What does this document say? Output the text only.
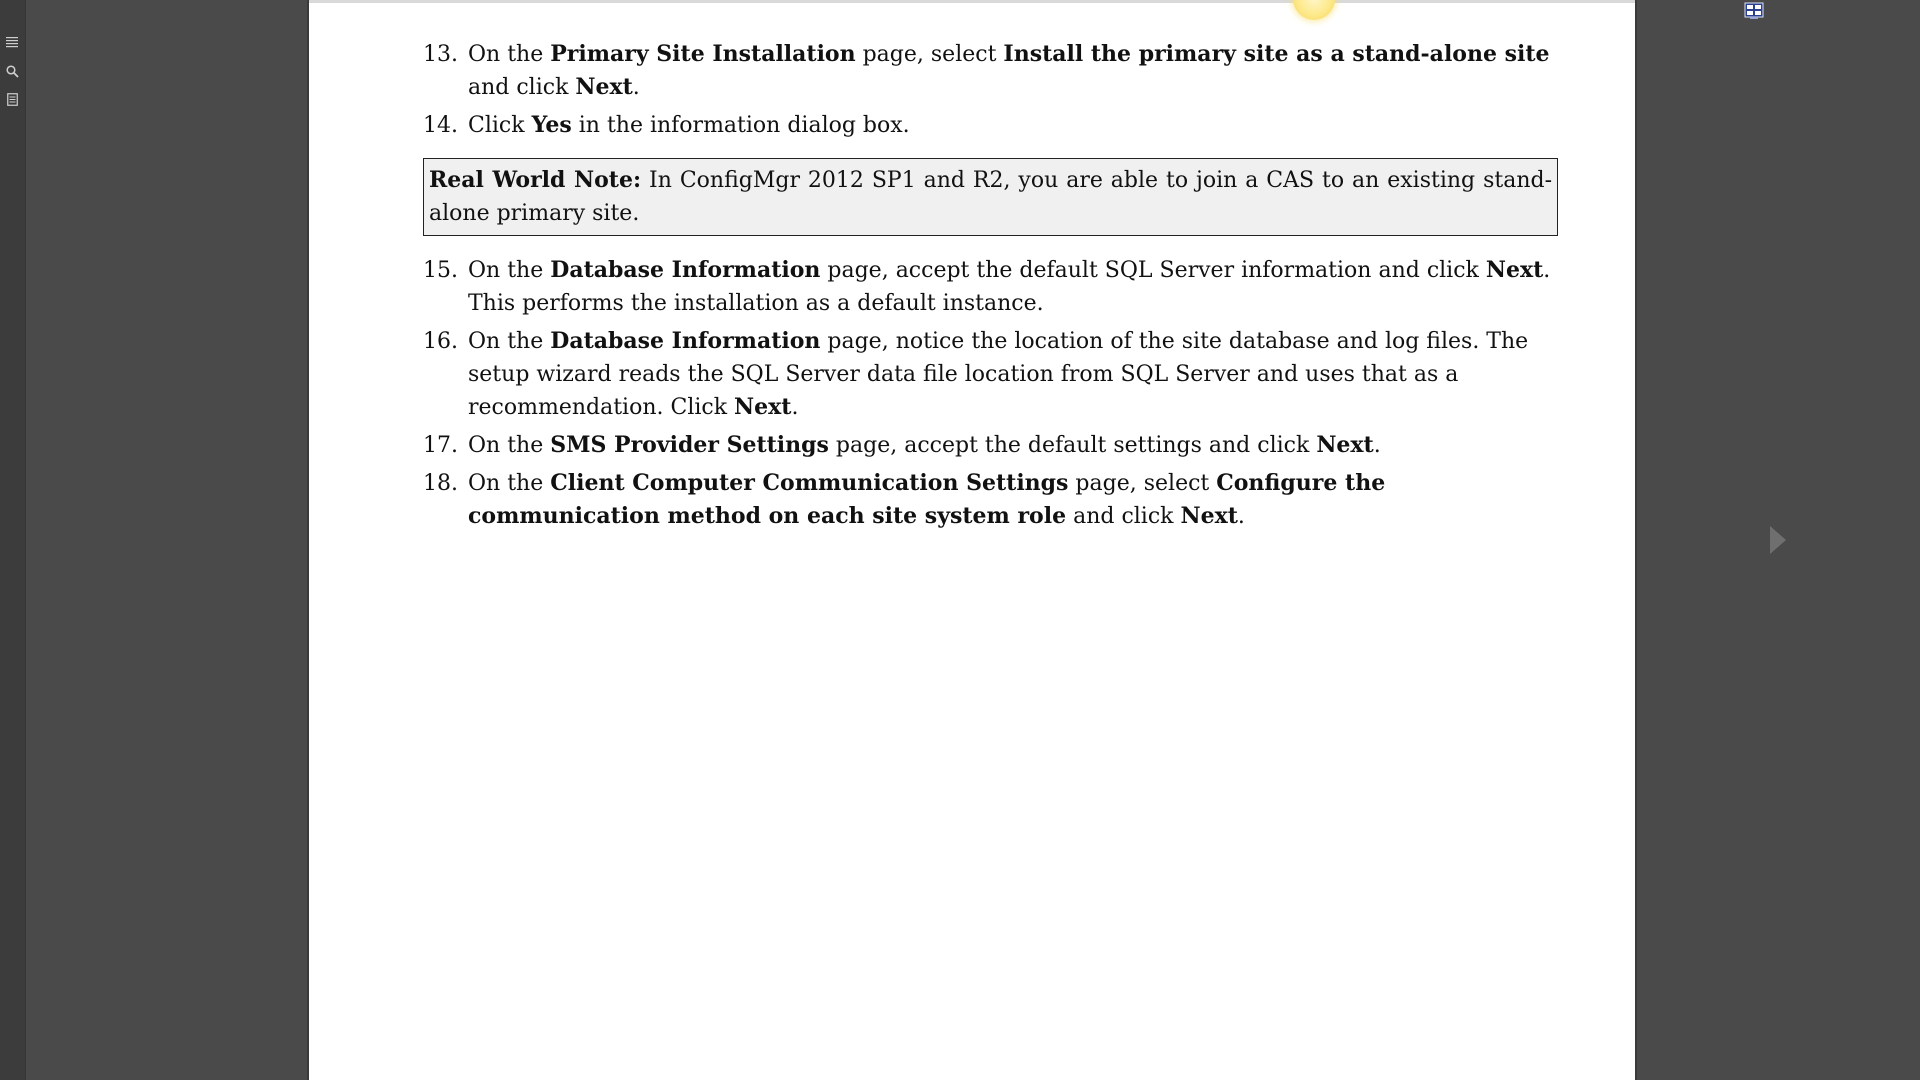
13. On the Primary Site Installation page, select Install the primary site as a stand-alone site and click Next.
14. Click Yes in the information dialog box.
Real World Note: In ConfigMgr 2012 SP1 and R2, you are able to join a CAS to an existing stand-alone primary site.
15. On the Database Information page, accept the default SQL Server information and click Next. This performs the installation as a default instance.
16. On the Database Information page, notice the location of the site database and log files. The setup wizard reads the SQL Server data file location from SQL Server and uses that as a recommendation. Click Next.
17. On the SMS Provider Settings page, accept the default settings and click Next.
18. On the Client Computer Communication Settings page, select Configure the communication method on each site system role and click Next.
